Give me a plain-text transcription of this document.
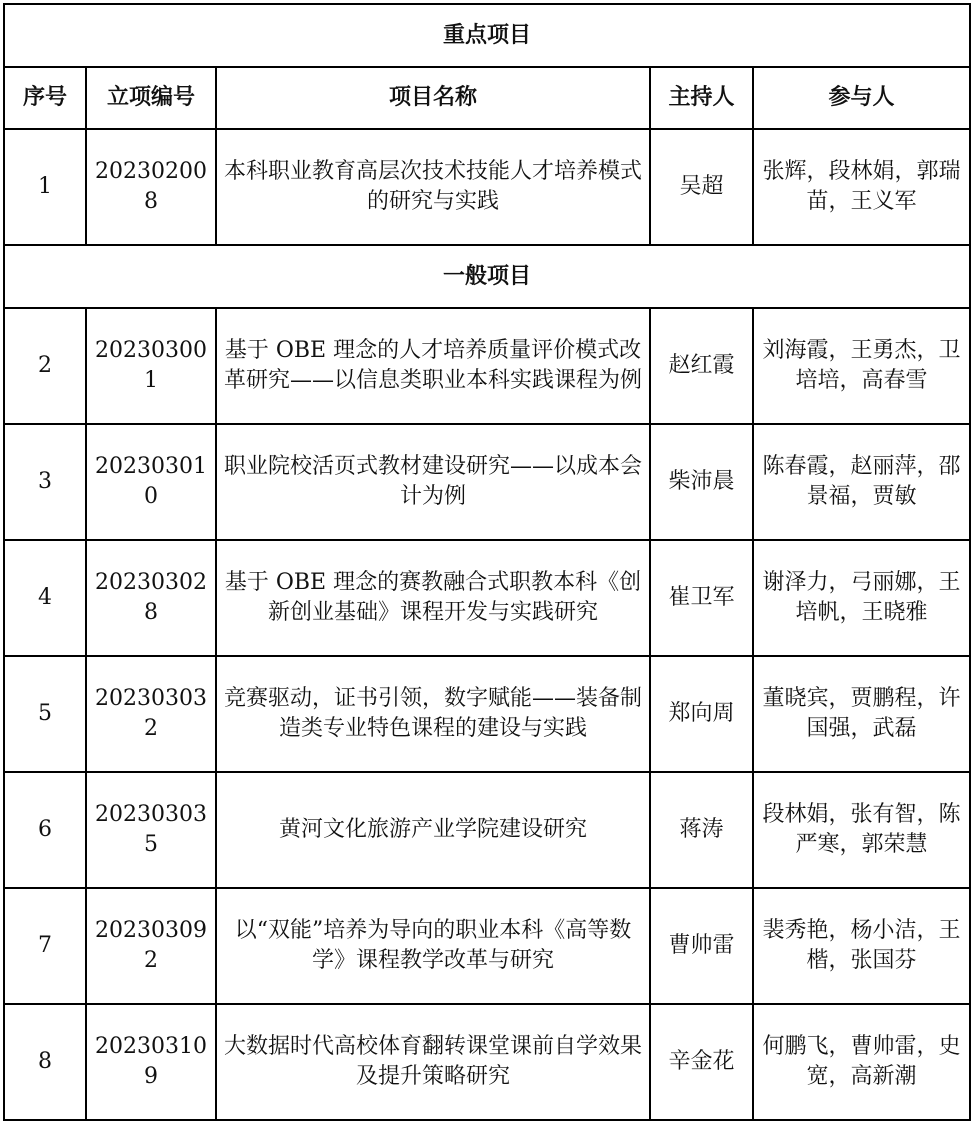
重点项目				
序号	立项编号	项目名称	主持人	参与人
1	202302008	本科职业教育高层次技术技能人才培养模式的研究与实践	吴超	张辉，段林娟，郭瑞苗，王义军
一般项目				
2	202303001	基于 OBE 理念的人才培养质量评价模式改革研究——以信息类职业本科实践课程为例	赵红霞	刘海霞，王勇杰，卫培培，高春雪
3	202303010	职业院校活页式教材建设研究——以成本会计为例	柴沛晨	陈春霞，赵丽萍，邵景福，贾敏
4	202303028	基于 OBE 理念的赛教融合式职教本科《创新创业基础》课程开发与实践研究	崔卫军	谢泽力，弓丽娜，王培帆，王晓雅
5	202303032	竞赛驱动，证书引领，数字赋能——装备制造类专业特色课程的建设与实践	郑向周	董晓宾，贾鹏程，许国强，武磊
6	202303035	黄河文化旅游产业学院建设研究	蒋涛	段林娟，张有智，陈严寒，郭荣慧
7	202303092	以“双能”培养为导向的职业本科《高等数学》课程教学改革与研究	曹帅雷	裴秀艳，杨小洁，王楷，张国芬
8	202303109	大数据时代高校体育翻转课堂课前自学效果及提升策略研究	辛金花	何鹏飞，曹帅雷，史宽，高新潮
